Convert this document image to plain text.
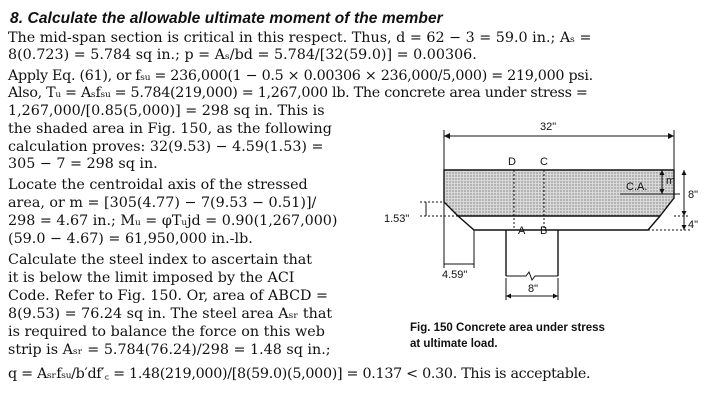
8. Calculate the allowable ultimate moment of the member
The mid-span section is critical in this respect. Thus, d = 62 − 3 = 59.0 in.; Aₛ =
8(0.723) = 5.784 sq in.; p = Aₛ/bd = 5.784/[32(59.0)] = 0.00306.
Apply Eq. (61), or fₛᵤ = 236,000(1 − 0.5 × 0.00306 × 236,000/5,000) = 219,000 psi.
Also, Tᵤ = Aₛfₛᵤ = 5.784(219,000) = 1,267,000 lb. The concrete area under stress =
1,267,000/[0.85(5,000)] = 298 sq in. This is
the shaded area in Fig. 150, as the following
calculation proves: 32(9.53) − 4.59(1.53) =
305 − 7 = 298 sq in.
Locate the centroidal axis of the stressed
area, or m = [305(4.77) − 7(9.53 − 0.51)]/
298 = 4.67 in.; Mᵤ = φTᵤjd = 0.90(1,267,000)
(59.0 − 4.67) = 61,950,000 in.-lb.
Calculate the steel index to ascertain that
it is below the limit imposed by the ACI
Code. Refer to Fig. 150. Or, area of ABCD =
8(9.53) = 76.24 sq in. The steel area Aₛᵣ that
is required to balance the force on this web
strip is Aₛᵣ = 5.784(76.24)/298 = 1.48 sq in.;
q = Aₛᵣfₛᵤ/b′df′꜀ = 1.48(219,000)/[8(59.0)(5,000)] = 0.137 < 0.30. This is acceptable.
32"
D C
A B
8"
4.59"
1.53"
C.A. m
8"
4"
Fig. 150 Concrete area under stress
at ultimate load.
